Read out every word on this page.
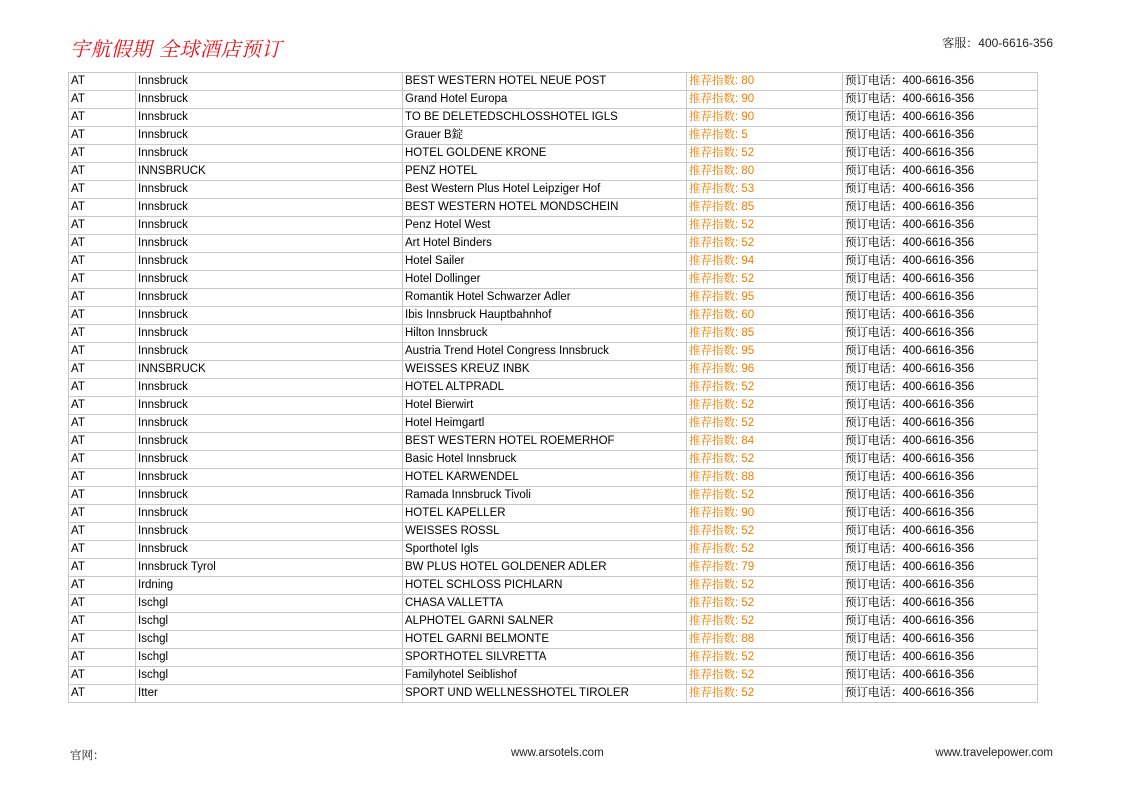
宇航假期 全球酒店预订	客服：400-6616-356
AT	Innsbruck	BEST WESTERN HOTEL NEUE POST	推荐指数: 80	预订电话：400-6616-356
AT	Innsbruck	Grand Hotel Europa	推荐指数: 90	预订电话：400-6616-356
AT	Innsbruck	TO BE DELETEDSCHLOSSHOTEL IGLS	推荐指数: 90	预订电话：400-6616-356
AT	Innsbruck	Grauer B錠	推荐指数: 5	预订电话：400-6616-356
AT	Innsbruck	HOTEL GOLDENE KRONE	推荐指数: 52	预订电话：400-6616-356
AT	INNSBRUCK	PENZ HOTEL	推荐指数: 80	预订电话：400-6616-356
AT	Innsbruck	Best Western Plus Hotel Leipziger Hof	推荐指数: 53	预订电话：400-6616-356
AT	Innsbruck	BEST WESTERN HOTEL MONDSCHEIN	推荐指数: 85	预订电话：400-6616-356
AT	Innsbruck	Penz Hotel West	推荐指数: 52	预订电话：400-6616-356
AT	Innsbruck	Art Hotel Binders	推荐指数: 52	预订电话：400-6616-356
AT	Innsbruck	Hotel Sailer	推荐指数: 94	预订电话：400-6616-356
AT	Innsbruck	Hotel Dollinger	推荐指数: 52	预订电话：400-6616-356
AT	Innsbruck	Romantik Hotel Schwarzer Adler	推荐指数: 95	预订电话：400-6616-356
AT	Innsbruck	Ibis Innsbruck Hauptbahnhof	推荐指数: 60	预订电话：400-6616-356
AT	Innsbruck	Hilton Innsbruck	推荐指数: 85	预订电话：400-6616-356
AT	Innsbruck	Austria Trend Hotel Congress Innsbruck	推荐指数: 95	预订电话：400-6616-356
AT	INNSBRUCK	WEISSES KREUZ INBK	推荐指数: 96	预订电话：400-6616-356
AT	Innsbruck	HOTEL ALTPRADL	推荐指数: 52	预订电话：400-6616-356
AT	Innsbruck	Hotel Bierwirt	推荐指数: 52	预订电话：400-6616-356
AT	Innsbruck	Hotel Heimgartl	推荐指数: 52	预订电话：400-6616-356
AT	Innsbruck	BEST WESTERN HOTEL ROEMERHOF	推荐指数: 84	预订电话：400-6616-356
AT	Innsbruck	Basic Hotel Innsbruck	推荐指数: 52	预订电话：400-6616-356
AT	Innsbruck	HOTEL KARWENDEL	推荐指数: 88	预订电话：400-6616-356
AT	Innsbruck	Ramada Innsbruck Tivoli	推荐指数: 52	预订电话：400-6616-356
AT	Innsbruck	HOTEL KAPELLER	推荐指数: 90	预订电话：400-6616-356
AT	Innsbruck	WEISSES ROSSL	推荐指数: 52	预订电话：400-6616-356
AT	Innsbruck	Sporthotel Igls	推荐指数: 52	预订电话：400-6616-356
AT	Innsbruck Tyrol	BW PLUS HOTEL GOLDENER ADLER	推荐指数: 79	预订电话：400-6616-356
AT	Irdning	HOTEL SCHLOSS PICHLARN	推荐指数: 52	预订电话：400-6616-356
AT	Ischgl	CHASA VALLETTA	推荐指数: 52	预订电话：400-6616-356
AT	Ischgl	ALPHOTEL GARNI SALNER	推荐指数: 52	预订电话：400-6616-356
AT	Ischgl	HOTEL GARNI BELMONTE	推荐指数: 88	预订电话：400-6616-356
AT	Ischgl	SPORTHOTEL SILVRETTA	推荐指数: 52	预订电话：400-6616-356
AT	Ischgl	Familyhotel Seiblishof	推荐指数: 52	预订电话：400-6616-356
AT	Itter	SPORT UND WELLNESSHOTEL TIROLER	推荐指数: 52	预订电话：400-6616-356
官网：	www.arsotels.com	www.travelepower.com
